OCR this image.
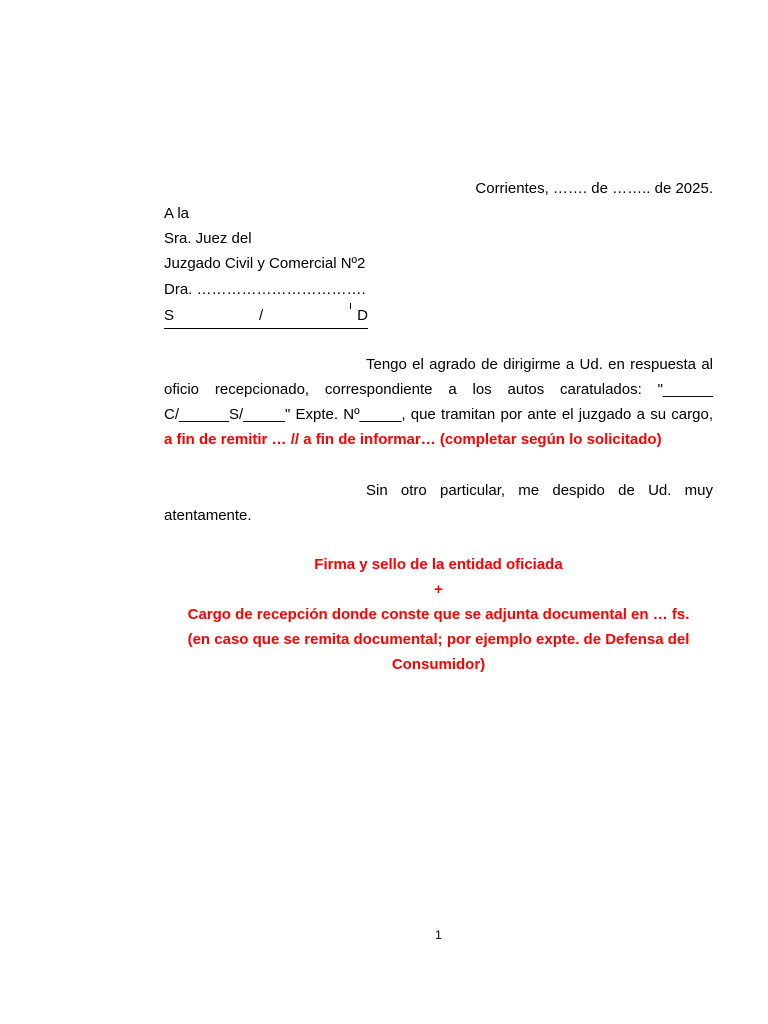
Corrientes, ……. de …….. de 2025.
A la
Sra. Juez del
Juzgado Civil y Comercial Nº2
Dra. …………………………….
S	/	D
Tengo el agrado de dirigirme a Ud. en respuesta al oficio recepcionado, correspondiente a los autos caratulados: "______ C/______S/_____" Expte. Nº_____, que tramitan por ante el juzgado a su cargo, a fin de remitir … // a fin de informar… (completar según lo solicitado)
Sin otro particular, me despido de Ud. muy atentamente.
Firma y sello de la entidad oficiada
+
Cargo de recepción donde conste que se adjunta documental en … fs.
(en caso que se remita documental; por ejemplo expte. de Defensa del
Consumidor)
1
